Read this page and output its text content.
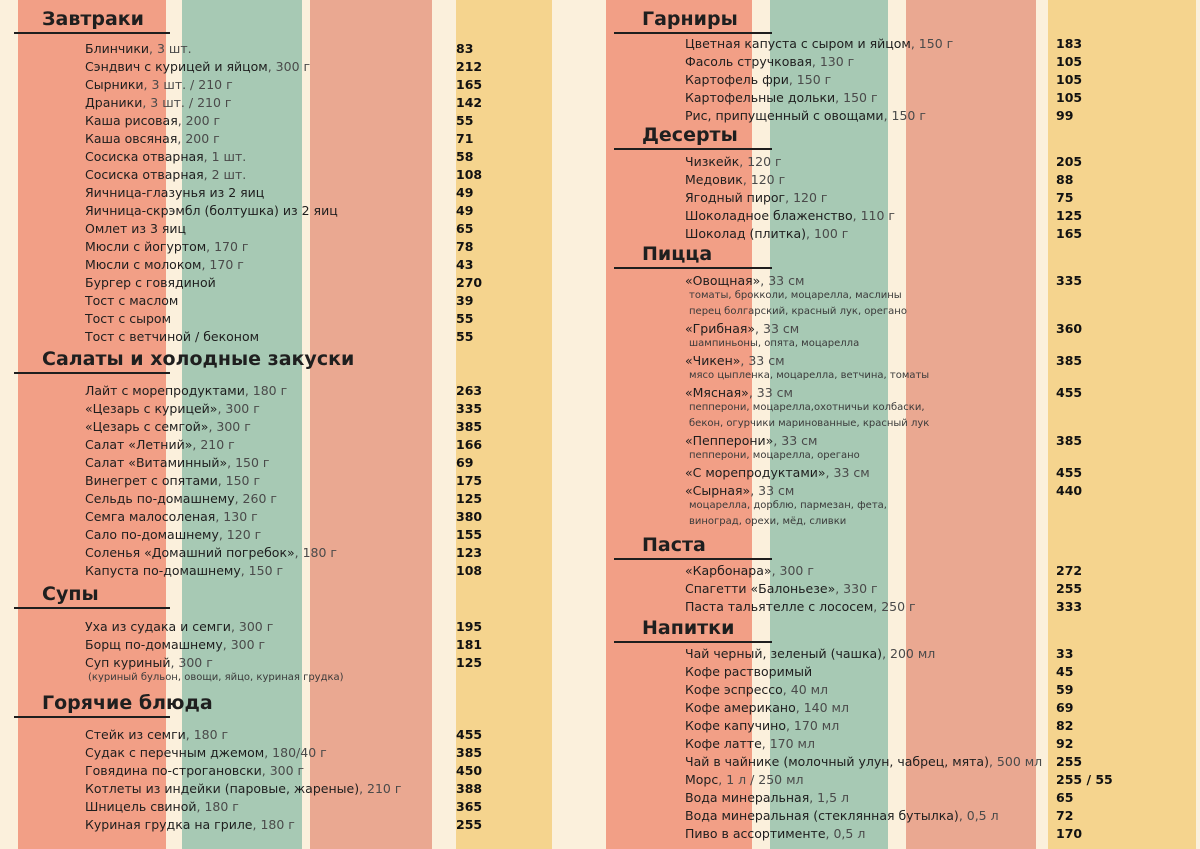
Завтраки
Блинчики, 3 шт.	83
Сэндвич с курицей и яйцом, 300 г	212
Сырники, 3 шт. / 210 г	165
Драники, 3 шт. / 210 г	142
Каша рисовая, 200 г	55
Каша овсяная, 200 г	71
Сосиска отварная, 1 шт.	58
Сосиска отварная, 2 шт.	108
Яичница-глазунья из 2 яиц	49
Яичница-скрэмбл (болтушка) из 2 яиц	49
Омлет из 3 яиц	65
Мюсли с йогуртом, 170 г	78
Мюсли с молоком, 170 г	43
Бургер с говядиной	270
Тост с маслом	39
Тост с сыром	55
Тост с ветчиной / беконом	55
Салаты и холодные закуски
Лайт с морепродуктами, 180 г	263
«Цезарь с курицей», 300 г	335
«Цезарь с семгой», 300 г	385
Салат «Летний», 210 г	166
Салат «Витаминный», 150 г	69
Винегрет с опятами, 150 г	175
Сельдь по-домашнему, 260 г	125
Семга малосоленая, 130 г	380
Сало по-домашнему, 120 г	155
Соленья «Домашний погребок», 180 г	123
Капуста по-домашнему, 150 г	108
Супы
Уха из судака и семги, 300 г	195
Борщ по-домашнему, 300 г	181
Суп куриный, 300 г	125
(куриный бульон, овощи, яйцо, куриная грудка)
Горячие блюда
Стейк из семги, 180 г	455
Судак с перечным джемом, 180/40 г	385
Говядина по-строгановски, 300 г	450
Котлеты из индейки (паровые, жареные), 210 г	388
Шницель свиной, 180 г	365
Куриная грудка на гриле, 180 г	255
Гарниры
Цветная капуста с сыром и яйцом, 150 г	183
Фасоль стручковая, 130 г	105
Картофель фри, 150 г	105
Картофельные дольки, 150 г	105
Рис, припущенный с овощами, 150 г	99
Десерты
Чизкейк, 120 г	205
Медовик, 120 г	88
Ягодный пирог, 120 г	75
Шоколадное блаженство, 110 г	125
Шоколад (плитка), 100 г	165
Пицца
«Овощная», 33 см	335
томаты, брокколи, моцарелла, маслины
перец болгарский, красный лук, орегано
«Грибная», 33 см	360
шампиньоны, опята, моцарелла
«Чикен», 33 см	385
мясо цыпленка, моцарелла, ветчина, томаты
«Мясная», 33 см	455
пепперони, моцарелла,охотничьи колбаски,
бекон, огурчики маринованные, красный лук
«Пепперони», 33 см	385
пепперони, моцарелла, орегано
«С морепродуктами», 33 см	455
«Сырная», 33 см	440
моцарелла, дорблю, пармезан, фета,
виноград, орехи, мёд, сливки
Паста
«Карбонара», 300 г	272
Спагетти «Балоньезе», 330 г	255
Паста тальятелле с лососем, 250 г	333
Напитки
Чай черный, зеленый (чашка), 200 мл	33
Кофе растворимый	45
Кофе эспрессо, 40 мл	59
Кофе американо, 140 мл	69
Кофе капучино, 170 мл	82
Кофе латте, 170 мл	92
Чай в чайнике (молочный улун, чабрец, мята), 500 мл 255
Морс, 1 л / 250 мл	255 / 55
Вода минеральная, 1,5 л	65
Вода минеральная (стеклянная бутылка), 0,5 л	72
Пиво в ассортименте, 0,5 л	170
